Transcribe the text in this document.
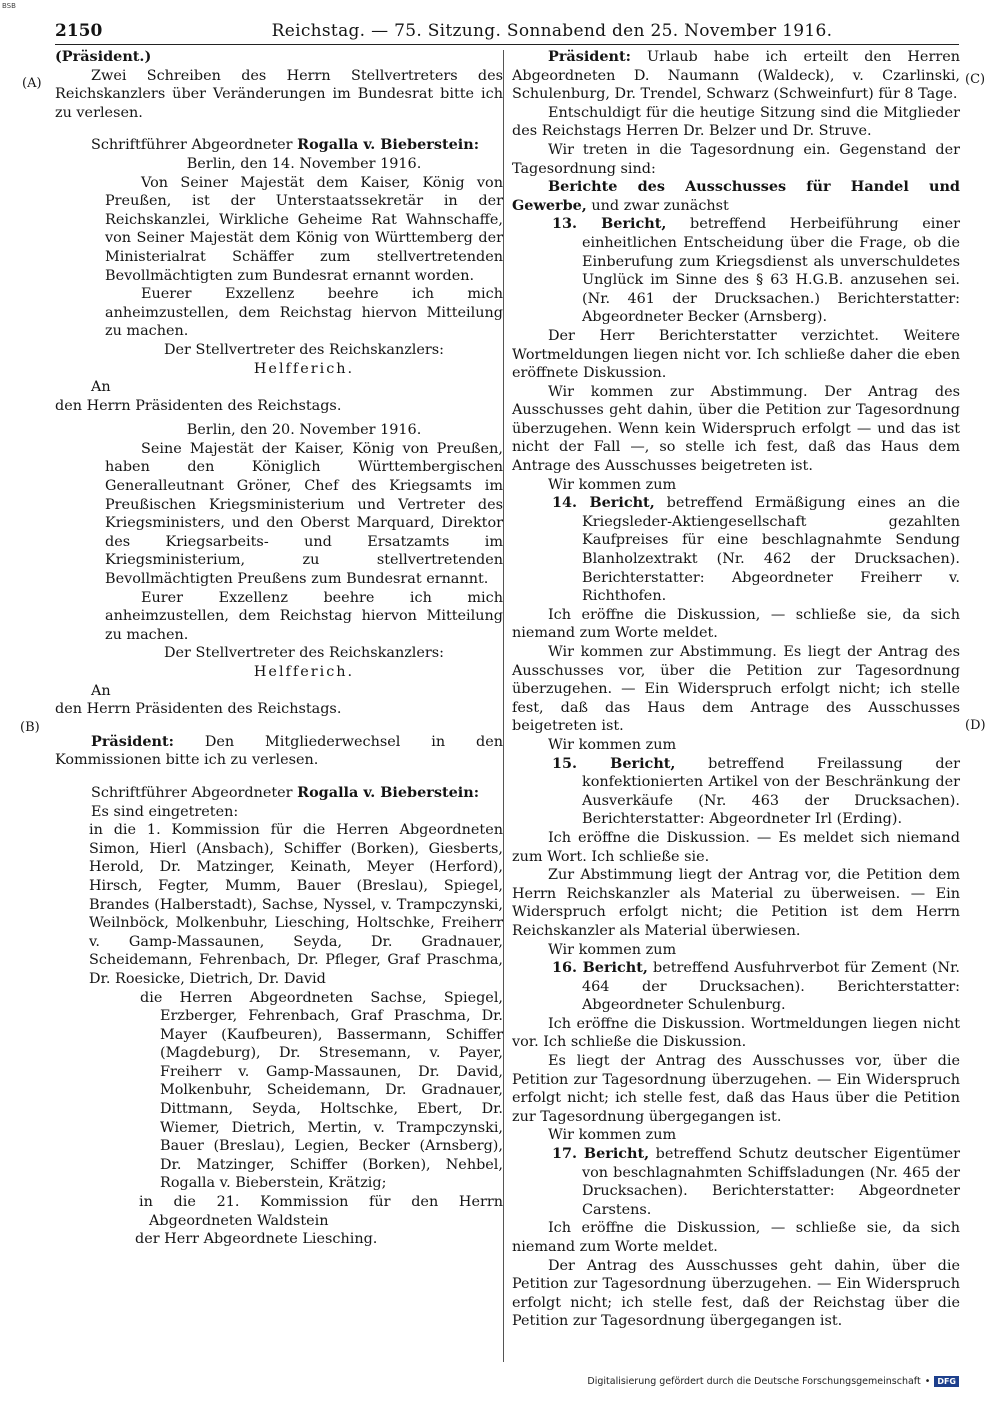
BSB
2150	Reichstag. — 75. Sitzung. Sonnabend den 25. November 1916.
(A)
(B)
(C)
(D)

(Präsident.)

Zwei Schreiben des Herrn Stellvertreters des Reichskanzlers über Veränderungen im Bundesrat bitte ich zu verlesen.

Schriftführer Abgeordneter Rogalla v. Bieberstein:

Berlin, den 14. November 1916.

Von Seiner Majestät dem Kaiser, König von Preußen, ist der Unterstaatssekretär in der Reichskanzlei, Wirkliche Geheime Rat Wahnschaffe, von Seiner Majestät dem König von Württemberg der Ministerialrat Schäffer zum stellvertretenden Bevollmächtigten zum Bundesrat ernannt worden.

Euerer Exzellenz beehre ich mich anheimzustellen, dem Reichstag hiervon Mitteilung zu machen.

Der Stellvertreter des Reichskanzlers:

Helfferich.

An

den Herrn Präsidenten des Reichstags.

Berlin, den 20. November 1916.

Seine Majestät der Kaiser, König von Preußen, haben den Königlich Württembergischen Generalleutnant Gröner, Chef des Kriegsamts im Preußischen Kriegsministerium und Vertreter des Kriegsministers, und den Oberst Marquard, Direktor des Kriegsarbeits- und Ersatzamts im Kriegsministerium, zu stellvertretenden Bevollmächtigten Preußens zum Bundesrat ernannt.

Eurer Exzellenz beehre ich mich anheimzustellen, dem Reichstag hiervon Mitteilung zu machen.

Der Stellvertreter des Reichskanzlers:

Helfferich.

An

den Herrn Präsidenten des Reichstags.

Präsident: Den Mitgliederwechsel in den Kommissionen bitte ich zu verlesen.

Schriftführer Abgeordneter Rogalla v. Bieberstein:

Es sind eingetreten:

in die 1. Kommission für die Herren Abgeordneten Simon, Hierl (Ansbach), Schiffer (Borken), Giesberts, Herold, Dr. Matzinger, Keinath, Meyer (Herford), Hirsch, Fegter, Mumm, Bauer (Breslau), Spiegel, Brandes (Halberstadt), Sachse, Nyssel, v. Trampczynski, Weilnböck, Molkenbuhr, Liesching, Holtschke, Freiherr v. Gamp-Massaunen, Seyda, Dr. Gradnauer, Scheidemann, Fehrenbach, Dr. Pfleger, Graf Praschma, Dr. Roesicke, Dietrich, Dr. David

die Herren Abgeordneten Sachse, Spiegel, Erzberger, Fehrenbach, Graf Praschma, Dr. Mayer (Kaufbeuren), Bassermann, Schiffer (Magdeburg), Dr. Stresemann, v. Payer, Freiherr v. Gamp-Massaunen, Dr. David, Molkenbuhr, Scheidemann, Dr. Gradnauer, Dittmann, Seyda, Holtschke, Ebert, Dr. Wiemer, Dietrich, Mertin, v. Trampczynski, Bauer (Breslau), Legien, Becker (Arnsberg), Dr. Matzinger, Schiffer (Borken), Nehbel, Rogalla v. Bieberstein, Krätzig;

in die 21. Kommission für den Herrn Abgeordneten Waldstein

der Herr Abgeordnete Liesching.

Präsident: Urlaub habe ich erteilt den Herren Abgeordneten D. Naumann (Waldeck), v. Czarlinski, Schulenburg, Dr. Trendel, Schwarz (Schweinfurt) für 8 Tage.

Entschuldigt für die heutige Sitzung sind die Mitglieder des Reichstags Herren Dr. Belzer und Dr. Struve.

Wir treten in die Tagesordnung ein. Gegenstand der Tagesordnung sind:

Berichte des Ausschusses für Handel und Gewerbe, und zwar zunächst

13. Bericht, betreffend Herbeiführung einer einheitlichen Entscheidung über die Frage, ob die Einberufung zum Kriegsdienst als unverschuldetes Unglück im Sinne des § 63 H.G.B. anzusehen sei. (Nr. 461 der Drucksachen.) Berichterstatter: Abgeordneter Becker (Arnsberg).

Der Herr Berichterstatter verzichtet. Weitere Wortmeldungen liegen nicht vor. Ich schließe daher die eben eröffnete Diskussion.

Wir kommen zur Abstimmung. Der Antrag des Ausschusses geht dahin, über die Petition zur Tagesordnung überzugehen. Wenn kein Widerspruch erfolgt — und das ist nicht der Fall —, so stelle ich fest, daß das Haus dem Antrage des Ausschusses beigetreten ist.

Wir kommen zum

14. Bericht, betreffend Ermäßigung eines an die Kriegsleder-Aktiengesellschaft gezahlten Kaufpreises für eine beschlagnahmte Sendung Blanholzextrakt (Nr. 462 der Drucksachen). Berichterstatter: Abgeordneter Freiherr v. Richthofen.

Ich eröffne die Diskussion, — schließe sie, da sich niemand zum Worte meldet.

Wir kommen zur Abstimmung. Es liegt der Antrag des Ausschusses vor, über die Petition zur Tagesordnung überzugehen. — Ein Widerspruch erfolgt nicht; ich stelle fest, daß das Haus dem Antrage des Ausschusses beigetreten ist.

Wir kommen zum

15. Bericht, betreffend Freilassung der konfektionierten Artikel von der Beschränkung der Ausverkäufe (Nr. 463 der Drucksachen). Berichterstatter: Abgeordneter Irl (Erding).

Ich eröffne die Diskussion. — Es meldet sich niemand zum Wort. Ich schließe sie.

Zur Abstimmung liegt der Antrag vor, die Petition dem Herrn Reichskanzler als Material zu überweisen. — Ein Widerspruch erfolgt nicht; die Petition ist dem Herrn Reichskanzler als Material überwiesen.

Wir kommen zum

16. Bericht, betreffend Ausfuhrverbot für Zement (Nr. 464 der Drucksachen). Berichterstatter: Abgeordneter Schulenburg.

Ich eröffne die Diskussion. Wortmeldungen liegen nicht vor. Ich schließe die Diskussion.

Es liegt der Antrag des Ausschusses vor, über die Petition zur Tagesordnung überzugehen. — Ein Widerspruch erfolgt nicht; ich stelle fest, daß das Haus über die Petition zur Tagesordnung übergegangen ist.

Wir kommen zum

17. Bericht, betreffend Schutz deutscher Eigentümer von beschlagnahmten Schiffsladungen (Nr. 465 der Drucksachen). Berichterstatter: Abgeordneter Carstens.

Ich eröffne die Diskussion, — schließe sie, da sich niemand zum Worte meldet.

Der Antrag des Ausschusses geht dahin, über die Petition zur Tagesordnung überzugehen. — Ein Widerspruch erfolgt nicht; ich stelle fest, daß der Reichstag über die Petition zur Tagesordnung übergegangen ist.

Digitalisierung gefördert durch die Deutsche Forschungsgemeinschaft • DFG
